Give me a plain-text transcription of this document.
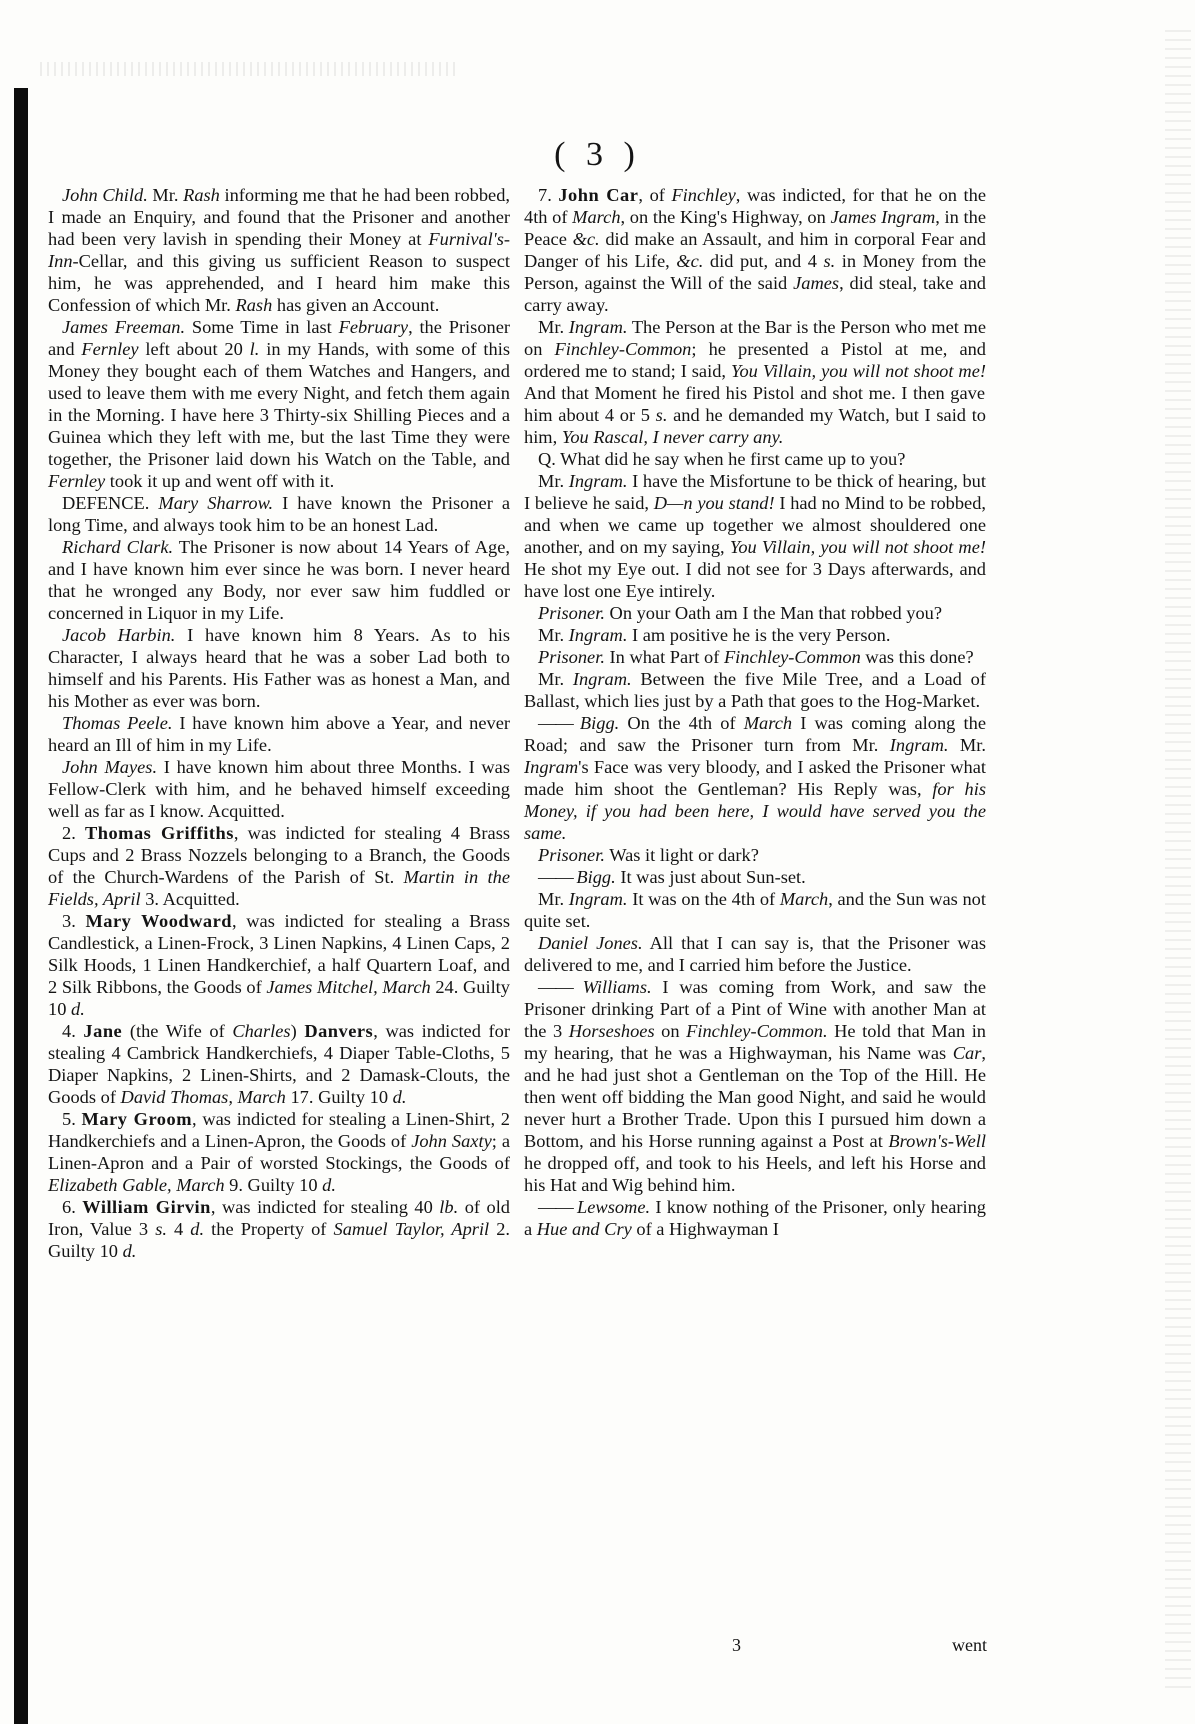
( 3 )

John Child. Mr. Rash informing me that he had been robbed, I made an Enquiry, and found that the Prisoner and another had been very lavish in spending their Money at Furnival's-Inn-Cellar, and this giving us sufficient Reason to suspect him, he was apprehended, and I heard him make this Confession of which Mr. Rash has given an Account.

James Freeman. Some Time in last February, the Prisoner and Fernley left about 20 l. in my Hands, with some of this Money they bought each of them Watches and Hangers, and used to leave them with me every Night, and fetch them again in the Morning. I have here 3 Thirty-six Shilling Pieces and a Guinea which they left with me, but the last Time they were together, the Prisoner laid down his Watch on the Table, and Fernley took it up and went off with it.

DEFENCE. Mary Sharrow. I have known the Prisoner a long Time, and always took him to be an honest Lad.

Richard Clark. The Prisoner is now about 14 Years of Age, and I have known him ever since he was born. I never heard that he wronged any Body, nor ever saw him fuddled or concerned in Liquor in my Life.

Jacob Harbin. I have known him 8 Years. As to his Character, I always heard that he was a sober Lad both to himself and his Parents. His Father was as honest a Man, and his Mother as ever was born.

Thomas Peele. I have known him above a Year, and never heard an Ill of him in my Life.

John Mayes. I have known him about three Months. I was Fellow-Clerk with him, and he behaved himself exceeding well as far as I know. Acquitted.

2. Thomas Griffiths, was indicted for stealing 4 Brass Cups and 2 Brass Nozzels belonging to a Branch, the Goods of the Church-Wardens of the Parish of St. Martin in the Fields, April 3. Acquitted.

3. Mary Woodward, was indicted for stealing a Brass Candlestick, a Linen-Frock, 3 Linen Napkins, 4 Linen Caps, 2 Silk Hoods, 1 Linen Handkerchief, a half Quartern Loaf, and 2 Silk Ribbons, the Goods of James Mitchel, March 24. Guilty 10 d.

4. Jane (the Wife of Charles) Danvers, was indicted for stealing 4 Cambrick Handkerchiefs, 4 Diaper Table-Cloths, 5 Diaper Napkins, 2 Linen-Shirts, and 2 Damask-Clouts, the Goods of David Thomas, March 17. Guilty 10 d.

5. Mary Groom, was indicted for stealing a Linen-Shirt, 2 Handkerchiefs and a Linen-Apron, the Goods of John Saxty; a Linen-Apron and a Pair of worsted Stockings, the Goods of Elizabeth Gable, March 9. Guilty 10 d.

6. William Girvin, was indicted for stealing 40 lb. of old Iron, Value 3 s. 4 d. the Property of Samuel Taylor, April 2. Guilty 10 d.

7. John Car, of Finchley, was indicted, for that he on the 4th of March, on the King's Highway, on James Ingram, in the Peace &c. did make an Assault, and him in corporal Fear and Danger of his Life, &c. did put, and 4 s. in Money from the Person, against the Will of the said James, did steal, take and carry away.

Mr. Ingram. The Person at the Bar is the Person who met me on Finchley-Common; he presented a Pistol at me, and ordered me to stand; I said, You Villain, you will not shoot me! And that Moment he fired his Pistol and shot me. I then gave him about 4 or 5 s. and he demanded my Watch, but I said to him, You Rascal, I never carry any.

Q. What did he say when he first came up to you?

Mr. Ingram. I have the Misfortune to be thick of hearing, but I believe he said, D—n you stand! I had no Mind to be robbed, and when we came up together we almost shouldered one another, and on my saying, You Villain, you will not shoot me! He shot my Eye out. I did not see for 3 Days afterwards, and have lost one Eye intirely.

Prisoner. On your Oath am I the Man that robbed you?

Mr. Ingram. I am positive he is the very Person.

Prisoner. In what Part of Finchley-Common was this done?

Mr. Ingram. Between the five Mile Tree, and a Load of Ballast, which lies just by a Path that goes to the Hog-Market.

—— Bigg. On the 4th of March I was coming along the Road; and saw the Prisoner turn from Mr. Ingram. Mr. Ingram's Face was very bloody, and I asked the Prisoner what made him shoot the Gentleman? His Reply was, for his Money, if you had been here, I would have served you the same.

Prisoner. Was it light or dark?

—— Bigg. It was just about Sun-set.

Mr. Ingram. It was on the 4th of March, and the Sun was not quite set.

Daniel Jones. All that I can say is, that the Prisoner was delivered to me, and I carried him before the Justice.

—— Williams. I was coming from Work, and saw the Prisoner drinking Part of a Pint of Wine with another Man at the 3 Horseshoes on Finchley-Common. He told that Man in my hearing, that he was a Highwayman, his Name was Car, and he had just shot a Gentleman on the Top of the Hill. He then went off bidding the Man good Night, and said he would never hurt a Brother Trade. Upon this I pursued him down a Bottom, and his Horse running against a Post at Brown's-Well he dropped off, and took to his Heels, and left his Horse and his Hat and Wig behind him.

—— Lewsome. I know nothing of the Prisoner, only hearing a Hue and Cry of a Highwayman I

3	went
